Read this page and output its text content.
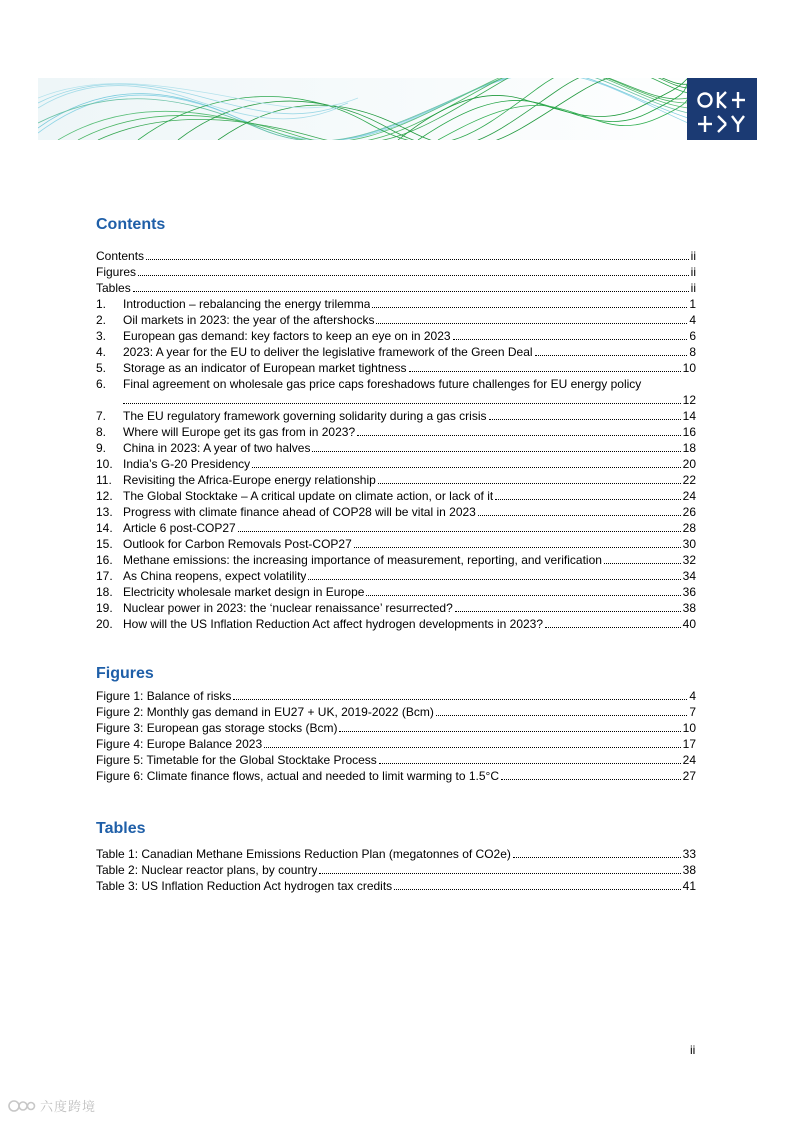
Contents
Contents	ii
Figures	ii
Tables	ii
1.	Introduction – rebalancing the energy trilemma	1
2.	Oil markets in 2023: the year of the aftershocks	4
3.	European gas demand: key factors to keep an eye on in 2023	6
4.	2023: A year for the EU to deliver the legislative framework of the Green Deal	8
5.	Storage as an indicator of European market tightness	10
6.	Final agreement on wholesale gas price caps foreshadows future challenges for EU energy policy
12
7.	The EU regulatory framework governing solidarity during a gas crisis	14
8.	Where will Europe get its gas from in 2023?	16
9.	China in 2023: A year of two halves	18
10. India’s G-20 Presidency	20
11. Revisiting the Africa-Europe energy relationship	22
12. The Global Stocktake – A critical update on climate action, or lack of it	24
13. Progress with climate finance ahead of COP28 will be vital in 2023	26
14. Article 6 post-COP27	28
15. Outlook for Carbon Removals Post-COP27	30
16. Methane emissions: the increasing importance of measurement, reporting, and verification	32
17. As China reopens, expect volatility	34
18. Electricity wholesale market design in Europe	36
19. Nuclear power in 2023: the ‘nuclear renaissance’ resurrected?	38
20. How will the US Inflation Reduction Act affect hydrogen developments in 2023?	40
Figures
Figure 1: Balance of risks	4
Figure 2: Monthly gas demand in EU27 + UK, 2019-2022 (Bcm)	7
Figure 3: European gas storage stocks (Bcm)	10
Figure 4: Europe Balance 2023	17
Figure 5: Timetable for the Global Stocktake Process	24
Figure 6: Climate finance flows, actual and needed to limit warming to 1.5°C	27
Tables
Table 1: Canadian Methane Emissions Reduction Plan (megatonnes of CO2e)	33
Table 2: Nuclear reactor plans, by country	38
Table 3: US Inflation Reduction Act hydrogen tax credits	41
ii
六度跨境
